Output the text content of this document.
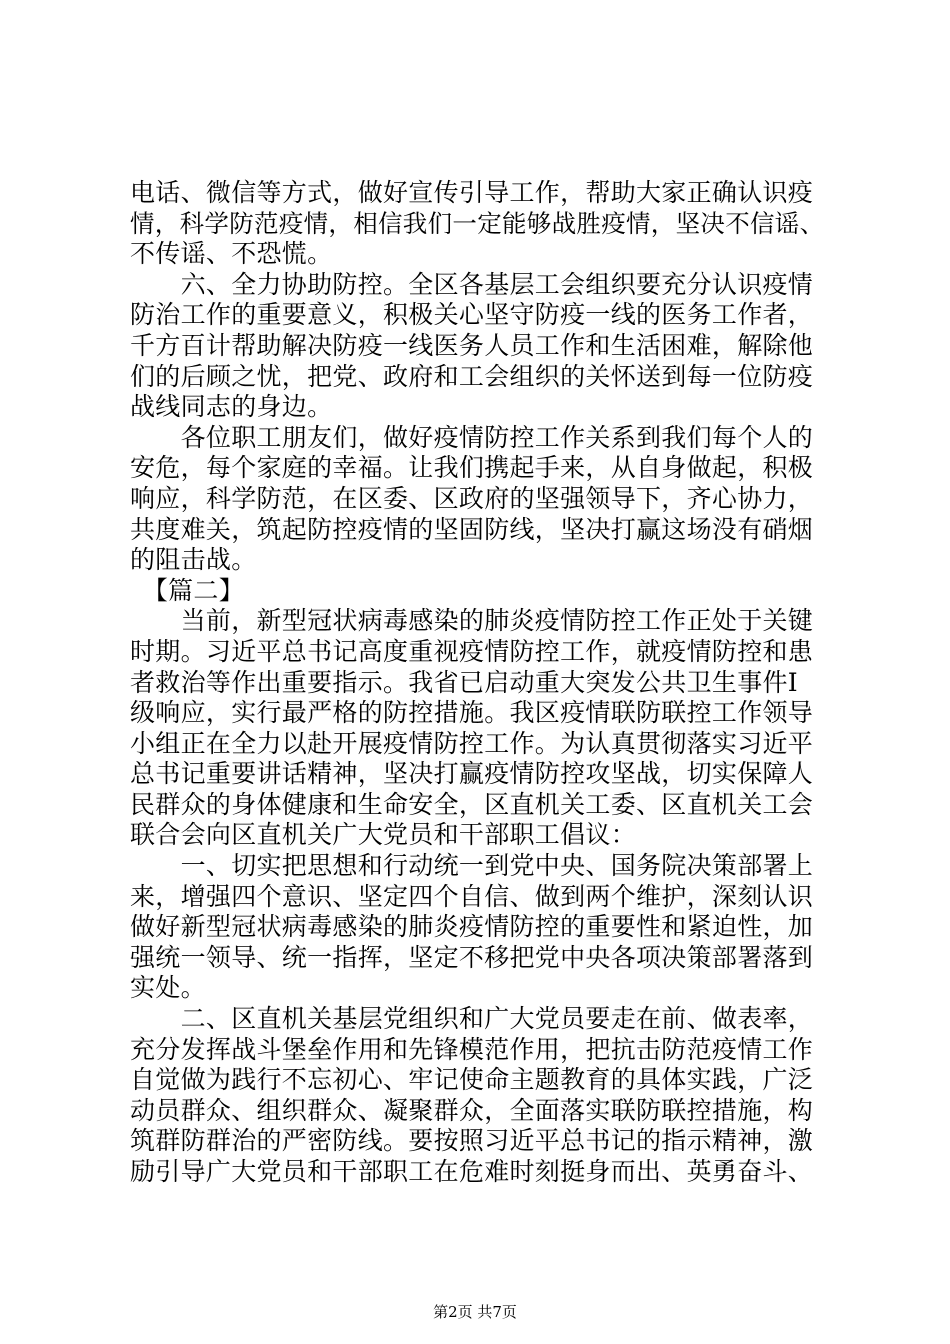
电话、微信等方式，做好宣传引导工作，帮助大家正确认识疫
情，科学防范疫情，相信我们一定能够战胜疫情，坚决不信谣、
不传谣、不恐慌。
　　六、全力协助防控。全区各基层工会组织要充分认识疫情
防治工作的重要意义，积极关心坚守防疫一线的医务工作者，
千方百计帮助解决防疫一线医务人员工作和生活困难，解除他
们的后顾之忧，把党、政府和工会组织的关怀送到每一位防疫
战线同志的身边。
　　各位职工朋友们，做好疫情防控工作关系到我们每个人的
安危，每个家庭的幸福。让我们携起手来，从自身做起，积极
响应，科学防范，在区委、区政府的坚强领导下，齐心协力，
共度难关，筑起防控疫情的坚固防线，坚决打赢这场没有硝烟
的阻击战。
　【篇二】
　　当前，新型冠状病毒感染的肺炎疫情防控工作正处于关键
时期。习近平总书记高度重视疫情防控工作，就疫情防控和患
者救治等作出重要指示。我省已启动重大突发公共卫生事件Ⅰ
级响应，实行最严格的防控措施。我区疫情联防联控工作领导
小组正在全力以赴开展疫情防控工作。为认真贯彻落实习近平
总书记重要讲话精神，坚决打赢疫情防控攻坚战，切实保障人
民群众的身体健康和生命安全，区直机关工委、区直机关工会
联合会向区直机关广大党员和干部职工倡议：
　　一、切实把思想和行动统一到党中央、国务院决策部署上
来，增强四个意识、坚定四个自信、做到两个维护，深刻认识
做好新型冠状病毒感染的肺炎疫情防控的重要性和紧迫性，加
强统一领导、统一指挥，坚定不移把党中央各项决策部署落到
实处。
　　二、区直机关基层党组织和广大党员要走在前、做表率，
充分发挥战斗堡垒作用和先锋模范作用，把抗击防范疫情工作
自觉做为践行不忘初心、牢记使命主题教育的具体实践，广泛
动员群众、组织群众、凝聚群众，全面落实联防联控措施，构
筑群防群治的严密防线。要按照习近平总书记的指示精神，激
励引导广大党员和干部职工在危难时刻挺身而出、英勇奋斗、
第2页 共7页
